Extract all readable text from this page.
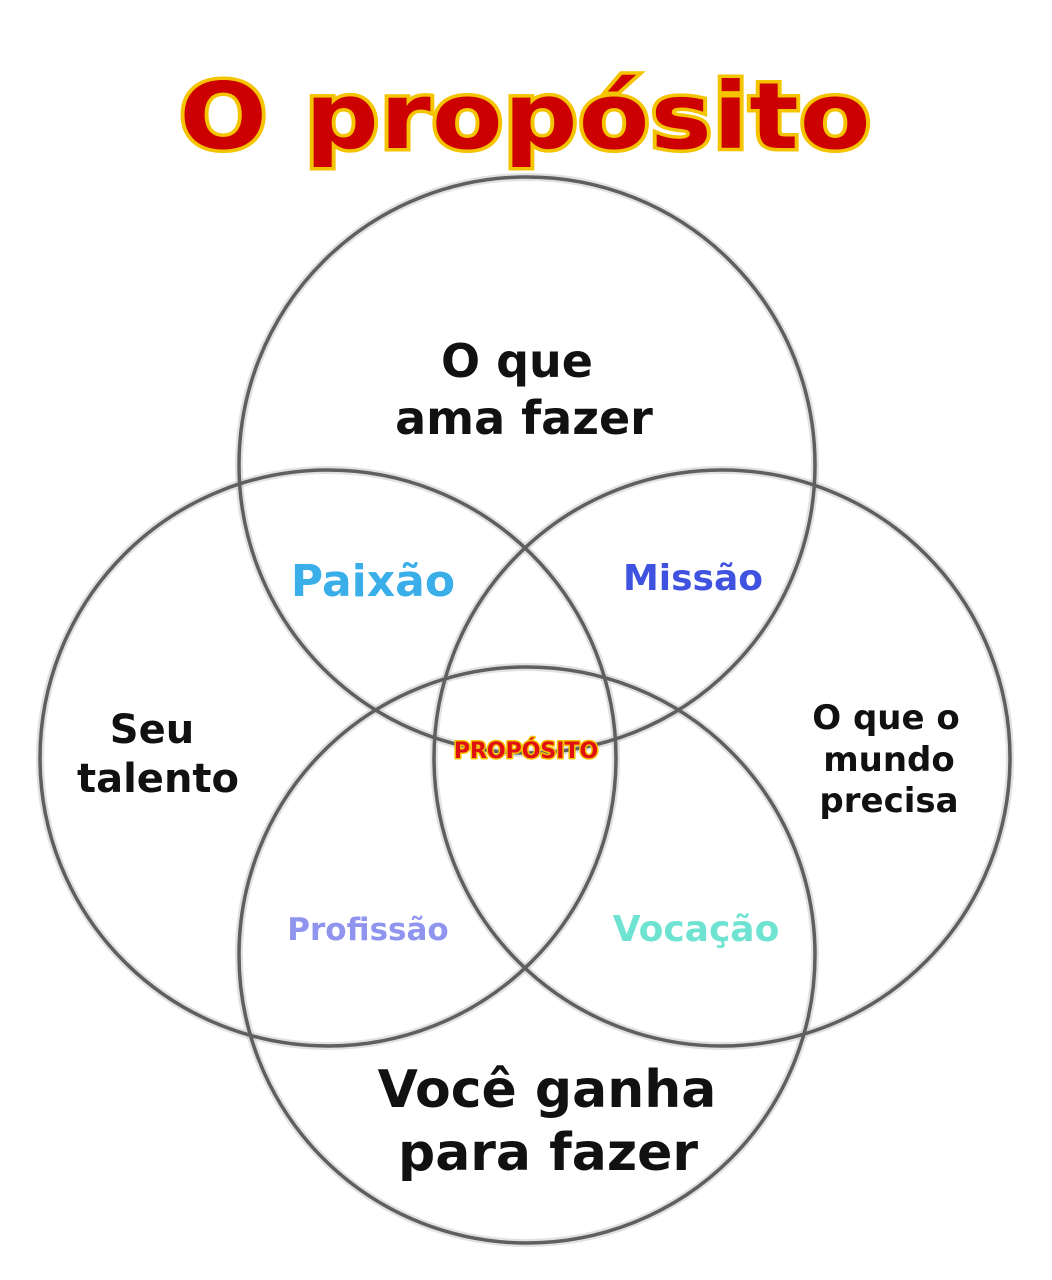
O propósito
O que
ama fazer
Seu
talento
O que o
mundo
precisa
Você ganha
para fazer
Paixão	Missão
Profissão	Vocação
PROPÓSITO
